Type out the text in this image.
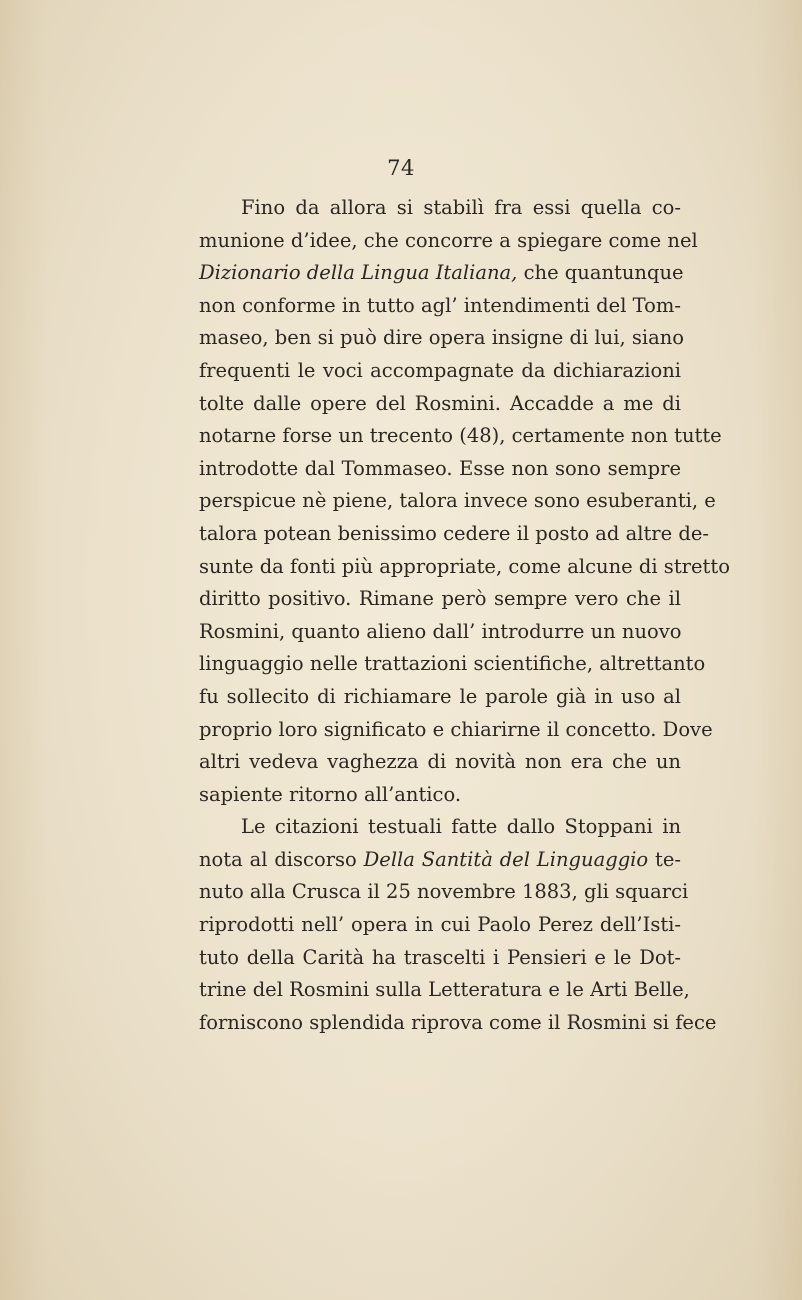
74
Fino da allora si stabilì fra essi quella co-
munione d’idee, che concorre a spiegare come nel
Dizionario della Lingua Italiana, che quantunque
non conforme in tutto agl’ intendimenti del Tom-
maseo, ben si può dire opera insigne di lui, siano
frequenti le voci accompagnate da dichiarazioni
tolte dalle opere del Rosmini. Accadde a me di
notarne forse un trecento (48), certamente non tutte
introdotte dal Tommaseo. Esse non sono sempre
perspicue nè piene, talora invece sono esuberanti, e
talora potean benissimo cedere il posto ad altre de-
sunte da fonti più appropriate, come alcune di stretto
diritto positivo. Rimane però sempre vero che il
Rosmini, quanto alieno dall’ introdurre un nuovo
linguaggio nelle trattazioni scientifiche, altrettanto
fu sollecito di richiamare le parole già in uso al
proprio loro significato e chiarirne il concetto. Dove
altri vedeva vaghezza di novità non era che un
sapiente ritorno all’antico.
Le citazioni testuali fatte dallo Stoppani in
nota al discorso Della Santità del Linguaggio te-
nuto alla Crusca il 25 novembre 1883, gli squarci
riprodotti nell’ opera in cui Paolo Perez dell’Isti-
tuto della Carità ha trascelti i Pensieri e le Dot-
trine del Rosmini sulla Letteratura e le Arti Belle,
forniscono splendida riprova come il Rosmini si fece
